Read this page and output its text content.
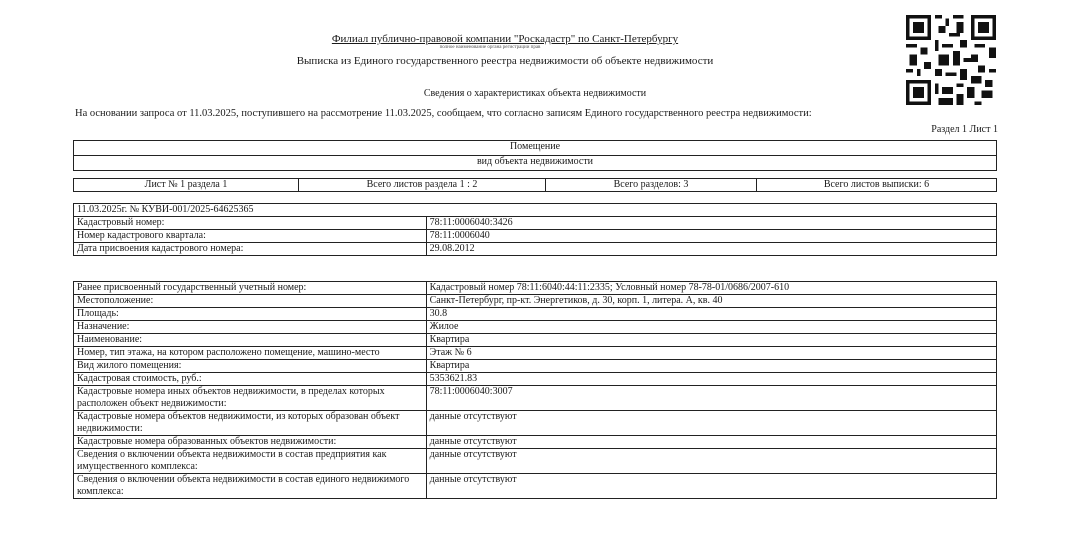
Филиал публично-правовой компании "Роскадастр" по Санкт-Петербургу
полное наименование органа регистрации прав
Выписка из Единого государственного реестра недвижимости об объекте недвижимости
Сведения о характеристиках объекта недвижимости
На основании запроса от 11.03.2025, поступившего на рассмотрение 11.03.2025, сообщаем, что согласно записям Единого государственного реестра недвижимости:
Раздел 1 Лист 1
Помещение
вид объекта недвижимости
Лист № 1 раздела 1	Всего листов раздела 1 : 2	Всего разделов: 3	Всего листов выписки: 6
11.03.2025г. № КУВИ-001/2025-64625365	
Кадастровый номер:	78:11:0006040:3426
Номер кадастрового квартала:	78:11:0006040
Дата присвоения кадастрового номера:	29.08.2012
Ранее присвоенный государственный учетный номер:	Кадастровый номер 78:11:6040:44:11:2335; Условный номер 78-78-01/0686/2007-610
Местоположение:	Санкт-Петербург, пр-кт. Энергетиков, д. 30, корп. 1, литера. А, кв. 40
Площадь:	30.8
Назначение:	Жилое
Наименование:	Квартира
Номер, тип этажа, на котором расположено помещение, машино-место	Этаж № 6
Вид жилого помещения:	Квартира
Кадастровая стоимость, руб.:	5353621.83
Кадастровые номера иных объектов недвижимости, в пределах которых расположен объект недвижимости:	78:11:0006040:3007
Кадастровые номера объектов недвижимости, из которых образован объект недвижимости:	данные отсутствуют
Кадастровые номера образованных объектов недвижимости:	данные отсутствуют
Сведения о включении объекта недвижимости в состав предприятия как имущественного комплекса:	данные отсутствуют
Сведения о включении объекта недвижимости в состав единого недвижимого комплекса:	данные отсутствуют
